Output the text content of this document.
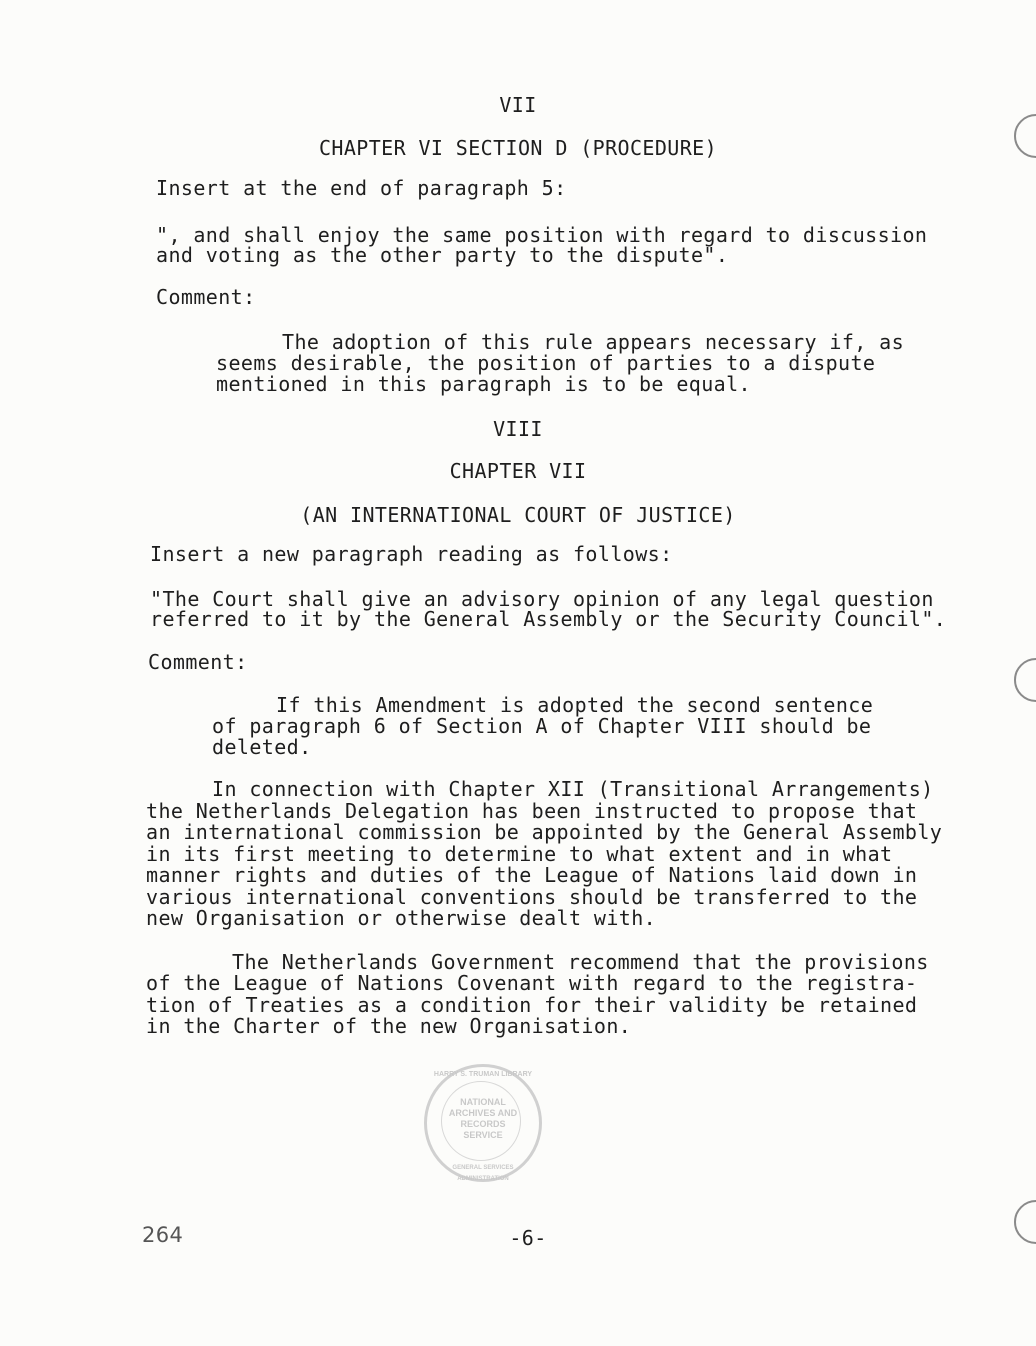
VII
CHAPTER VI SECTION D (PROCEDURE)
Insert at the end of paragraph 5:
", and shall enjoy the same position with regard to discussion
and voting as the other party to the dispute".
Comment:
The adoption of this rule appears necessary if, as
seems desirable, the position of parties to a dispute
mentioned in this paragraph is to be equal.
VIII
CHAPTER VII
(AN INTERNATIONAL COURT OF JUSTICE)
Insert a new paragraph reading as follows:
"The Court shall give an advisory opinion of any legal question
referred to it by the General Assembly or the Security Council".
Comment:
If this Amendment is adopted the second sentence
of paragraph 6 of Section A of Chapter VIII should be
deleted.
In connection with Chapter XII (Transitional Arrangements)
the Netherlands Delegation has been instructed to propose that
an international commission be appointed by the General Assembly
in its first meeting to determine to what extent and in what
manner rights and duties of the League of Nations laid down in
various international conventions should be transferred to the
new Organisation or otherwise dealt with.
The Netherlands Government recommend that the provisions
of the League of Nations Covenant with regard to the registra-
tion of Treaties as a condition for their validity be retained
in the Charter of the new Organisation.
HARRY S. TRUMAN LIBRARY
NATIONAL
ARCHIVES AND
RECORDS
SERVICE
GENERAL SERVICES ADMINISTRATION
264	-6-
